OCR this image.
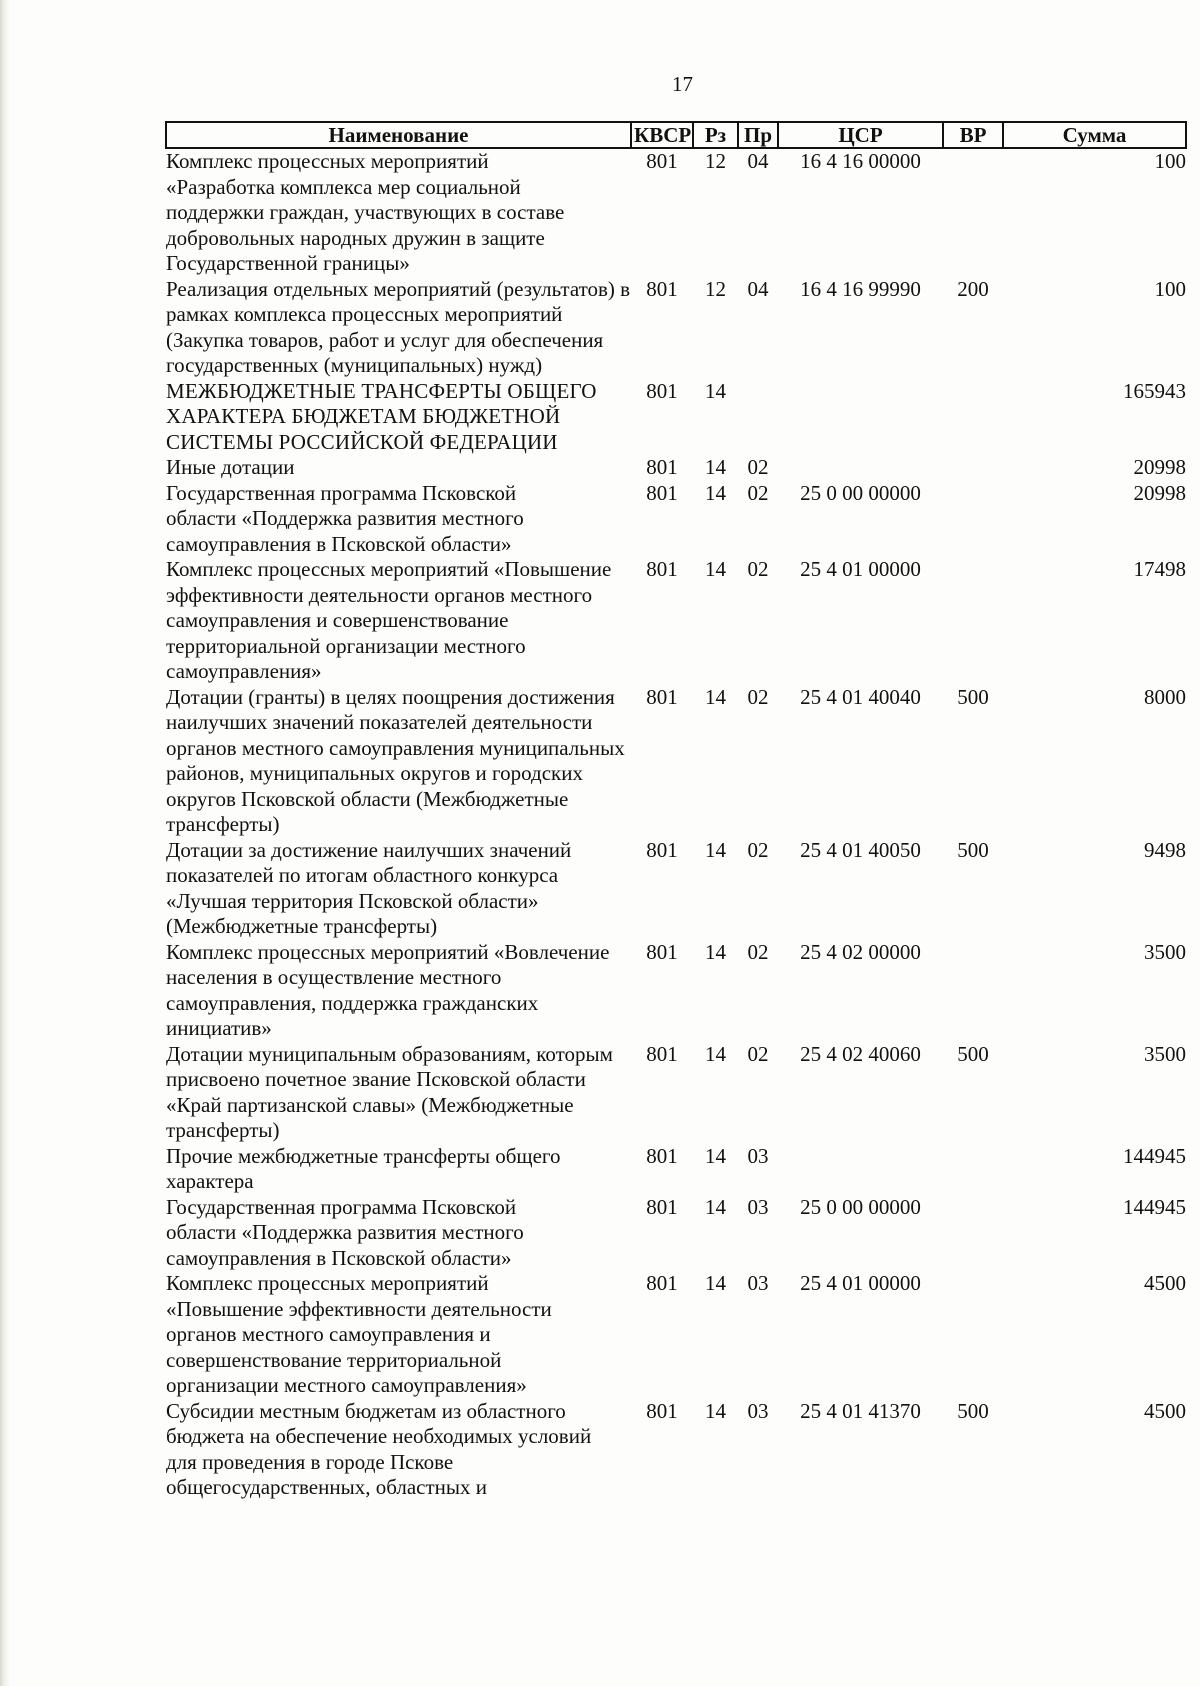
17
Наименование	КВСР	Рз	Пр	ЦСР	ВР	Сумма
Комплекс процессных мероприятий «Разработка комплекса мер социальной поддержки граждан, участвующих в составе добровольных народных дружин в защите Государственной границы»	801	12	04	16 4 16 00000		100
Реализация отдельных мероприятий (результатов) в рамках комплекса процессных мероприятий (Закупка товаров, работ и услуг для обеспечения государственных (муниципальных) нужд)	801	12	04	16 4 16 99990	200	100
МЕЖБЮДЖЕТНЫЕ ТРАНСФЕРТЫ ОБЩЕГО ХАРАКТЕРА БЮДЖЕТАМ БЮДЖЕТНОЙ СИСТЕМЫ РОССИЙСКОЙ ФЕДЕРАЦИИ	801	14				165943
Иные дотации	801	14	02			20998
Государственная программа Псковской области «Поддержка развития местного самоуправления в Псковской области»	801	14	02	25 0 00 00000		20998
Комплекс процессных мероприятий «Повышение эффективности деятельности органов местного самоуправления и совершенствование территориальной организации местного самоуправления»	801	14	02	25 4 01 00000		17498
Дотации (гранты) в целях поощрения достижения наилучших значений показателей деятельности органов местного самоуправления муниципальных районов, муниципальных округов и городских округов Псковской области (Межбюджетные трансферты)	801	14	02	25 4 01 40040	500	8000
Дотации за достижение наилучших значений показателей по итогам областного конкурса «Лучшая территория Псковской области» (Межбюджетные трансферты)	801	14	02	25 4 01 40050	500	9498
Комплекс процессных мероприятий «Вовлечение населения в осуществление местного самоуправления, поддержка гражданских инициатив»	801	14	02	25 4 02 00000		3500
Дотации муниципальным образованиям, которым присвоено почетное звание Псковской области «Край партизанской славы» (Межбюджетные трансферты)	801	14	02	25 4 02 40060	500	3500
Прочие межбюджетные трансферты общего характера	801	14	03			144945
Государственная программа Псковской области «Поддержка развития местного самоуправления в Псковской области»	801	14	03	25 0 00 00000		144945
Комплекс процессных мероприятий «Повышение эффективности деятельности органов местного самоуправления и совершенствование территориальной организации местного самоуправления»	801	14	03	25 4 01 00000		4500
Субсидии местным бюджетам из областного бюджета на обеспечение необходимых условий для проведения в городе Пскове общегосударственных, областных и	801	14	03	25 4 01 41370	500	4500
